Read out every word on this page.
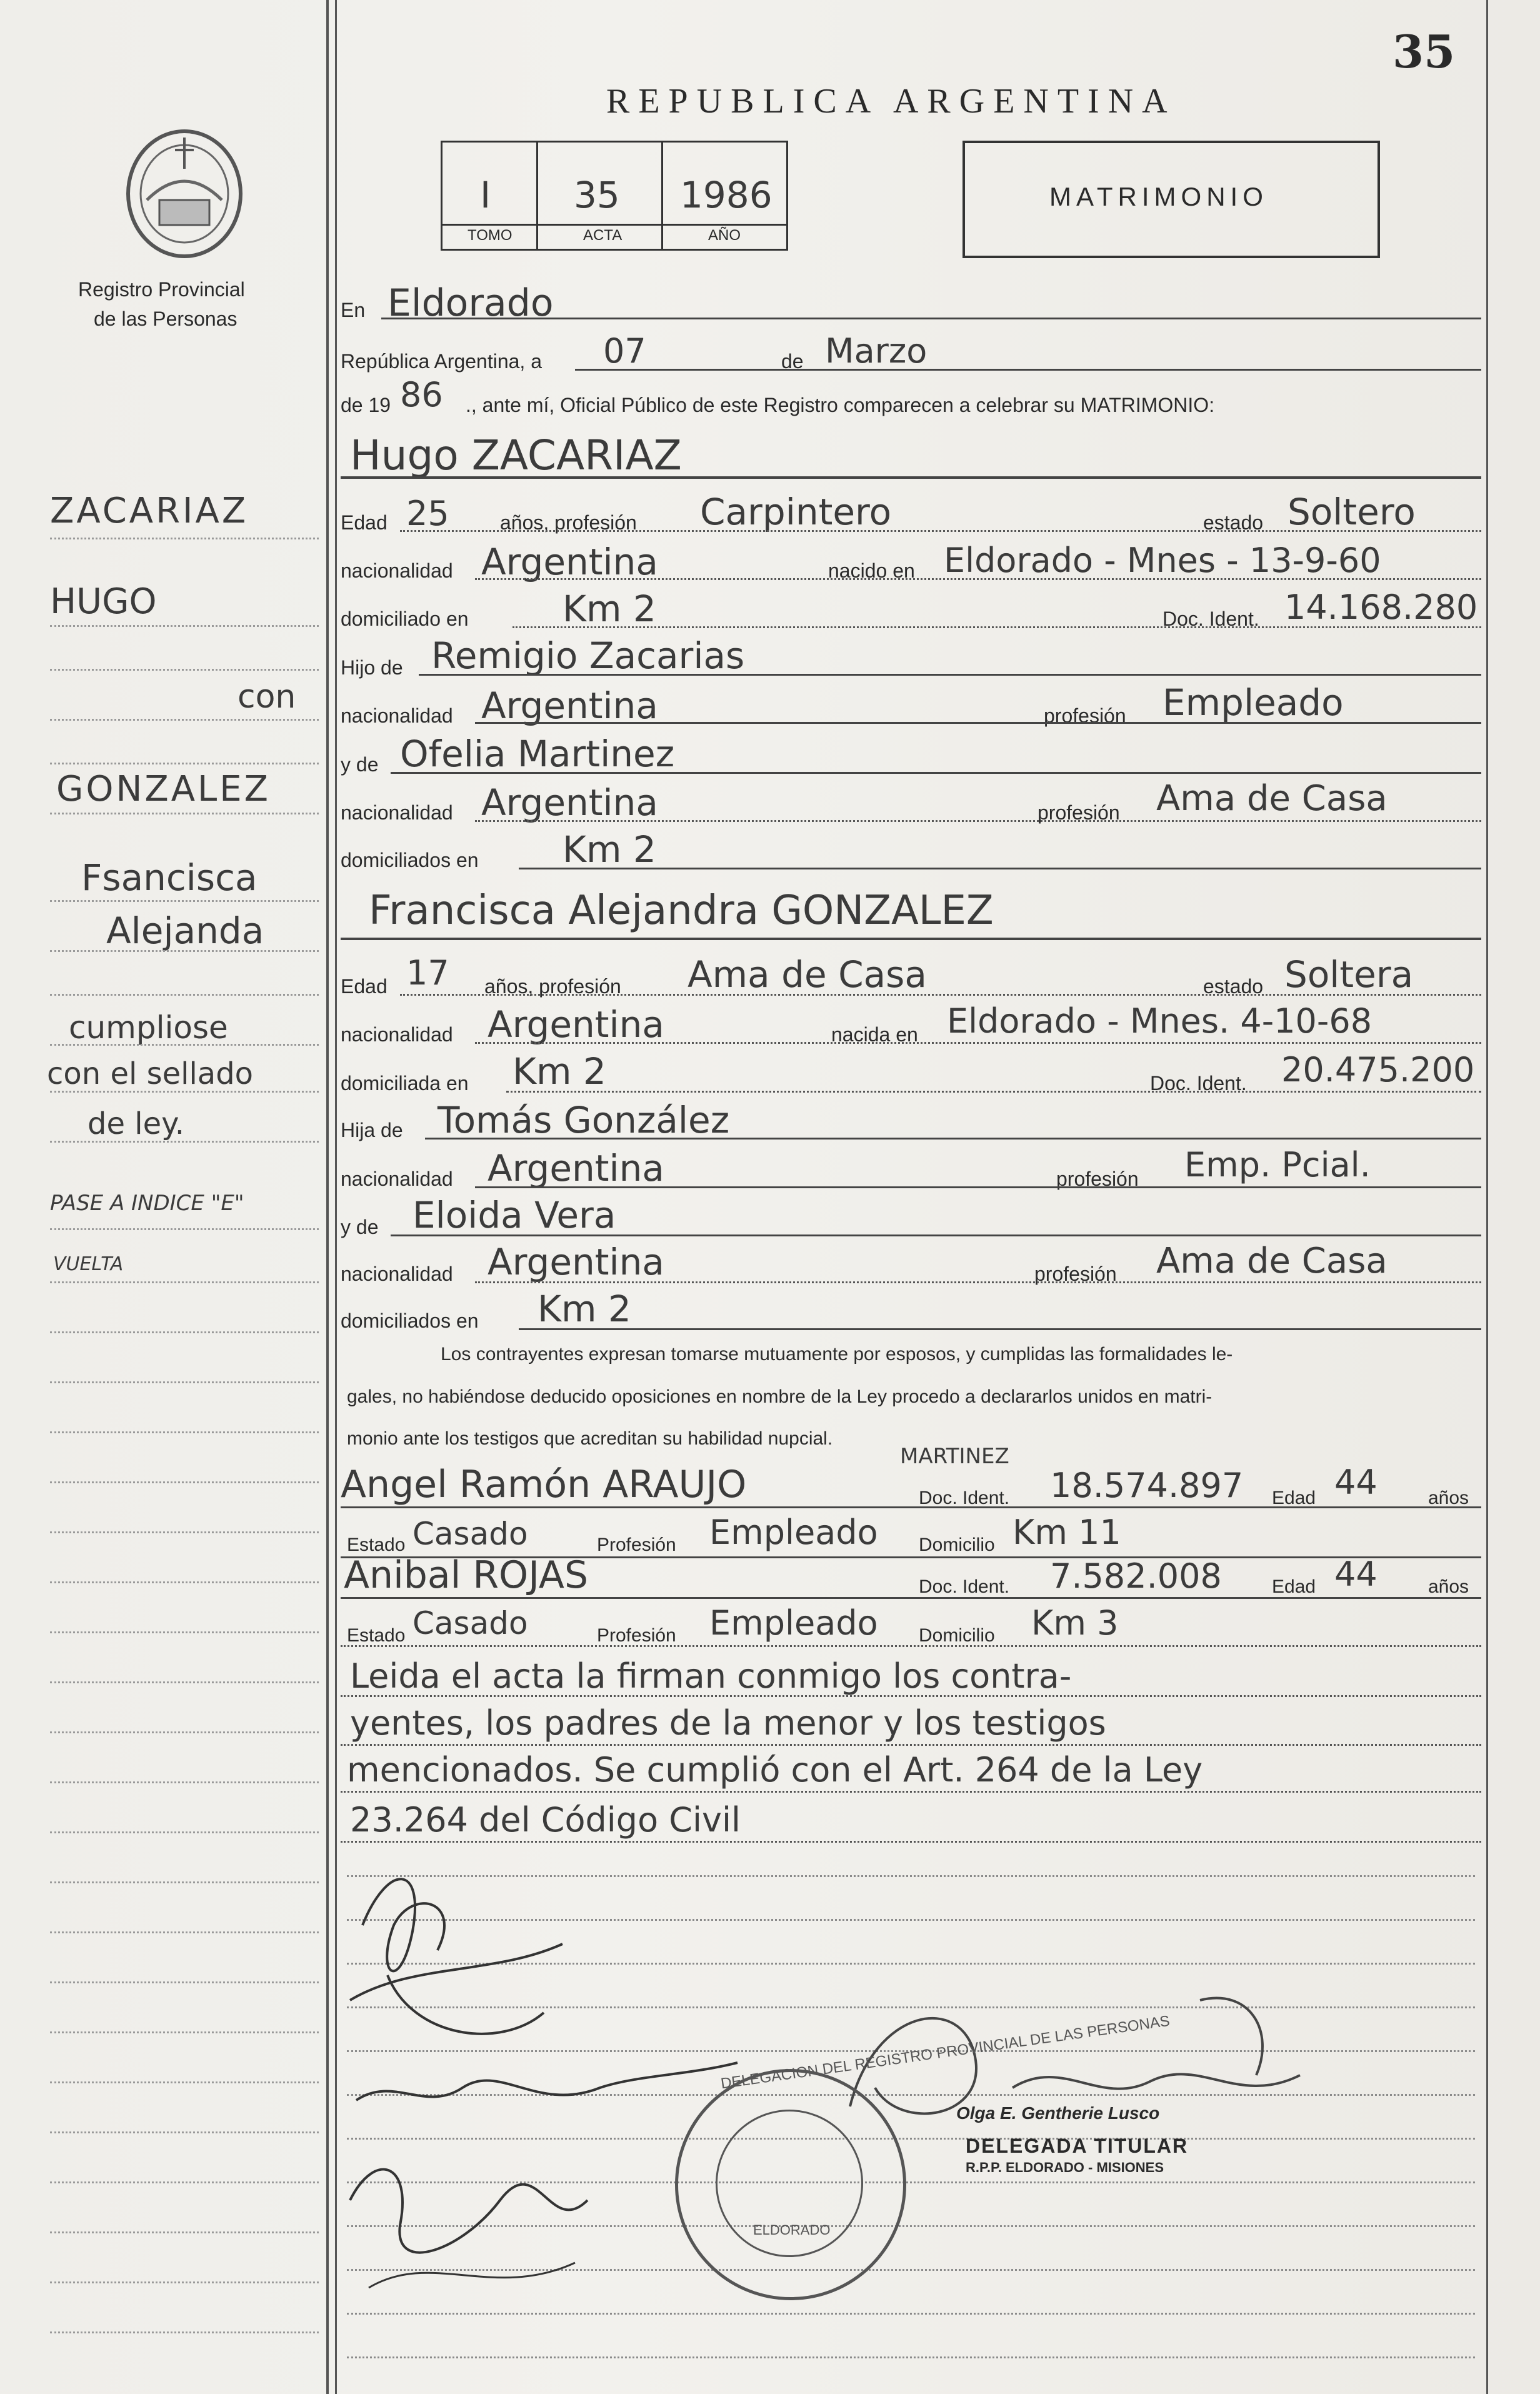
35
REPUBLICA ARGENTINA
Registro Provincial
de las Personas
I 35 1986
TOMO	ACTA	AÑO
MATRIMONIO
ZACARIAZ
HUGO
con
GONZALEZ
Fsancisca
Alejanda
cumpliose
con el sellado
de ley.
PASE A INDICE "E"
VUELTA
En Eldorado
República Argentina, a 07	de Marzo
de 19 86 ., ante mí, Oficial Público de este Registro comparecen a celebrar su MATRIMONIO:
Hugo ZACARIAZ
Edad 25	años, profesión Carpintero	estado Soltero
nacionalidad Argentina	nacido en Eldorado - Mnes - 13-9-60
domiciliado en	Km 2	Doc. Ident. 14.168.280
Hijo de Remigio Zacarias
nacionalidad Argentina	profesión Empleado
y de Ofelia Martinez
nacionalidad Argentina	profesión Ama de Casa
domiciliados en Km 2
Francisca Alejandra GONZALEZ
Edad 17 años, profesión Ama de Casa	estado Soltera
nacionalidad Argentina	nacida en Eldorado - Mnes. 4-10-68
domiciliada en Km 2	Doc. Ident. 20.475.200
Hija de Tomás González
nacionalidad Argentina	profesión Emp. Pcial.
y de Eloida Vera
nacionalidad Argentina	profesión Ama de Casa
domiciliados en Km 2
Los contrayentes expresan tomarse mutuamente por esposos, y cumplidas las formalidades le-
gales, no habiéndose deducido oposiciones en nombre de la Ley procedo a declararlos unidos en matri-
monio ante los testigos que acreditan su habilidad nupcial.
Angel Ramón ARAUJO
MARTINEZ
Doc. Ident. 18.574.897 Edad 44	años
Estado Casado	Profesión Empleado Domicilio Km 11
Anibal ROJAS	Doc. Ident. 7.582.008	Edad 44	años
Estado Casado	Profesión Empleado Domicilio Km 3
Leida el acta la firman conmigo los contra-
yentes, los padres de la menor y los testigos
mencionados. Se cumplió con el Art. 264 de la Ley
23.264 del Código Civil
ELDORADO
DELEGACION DEL REGISTRO PROVINCIAL DE LAS PERSONAS
Olga E. Gentherie Lusco
DELEGADA TITULAR
R.P.P. ELDORADO - MISIONES
